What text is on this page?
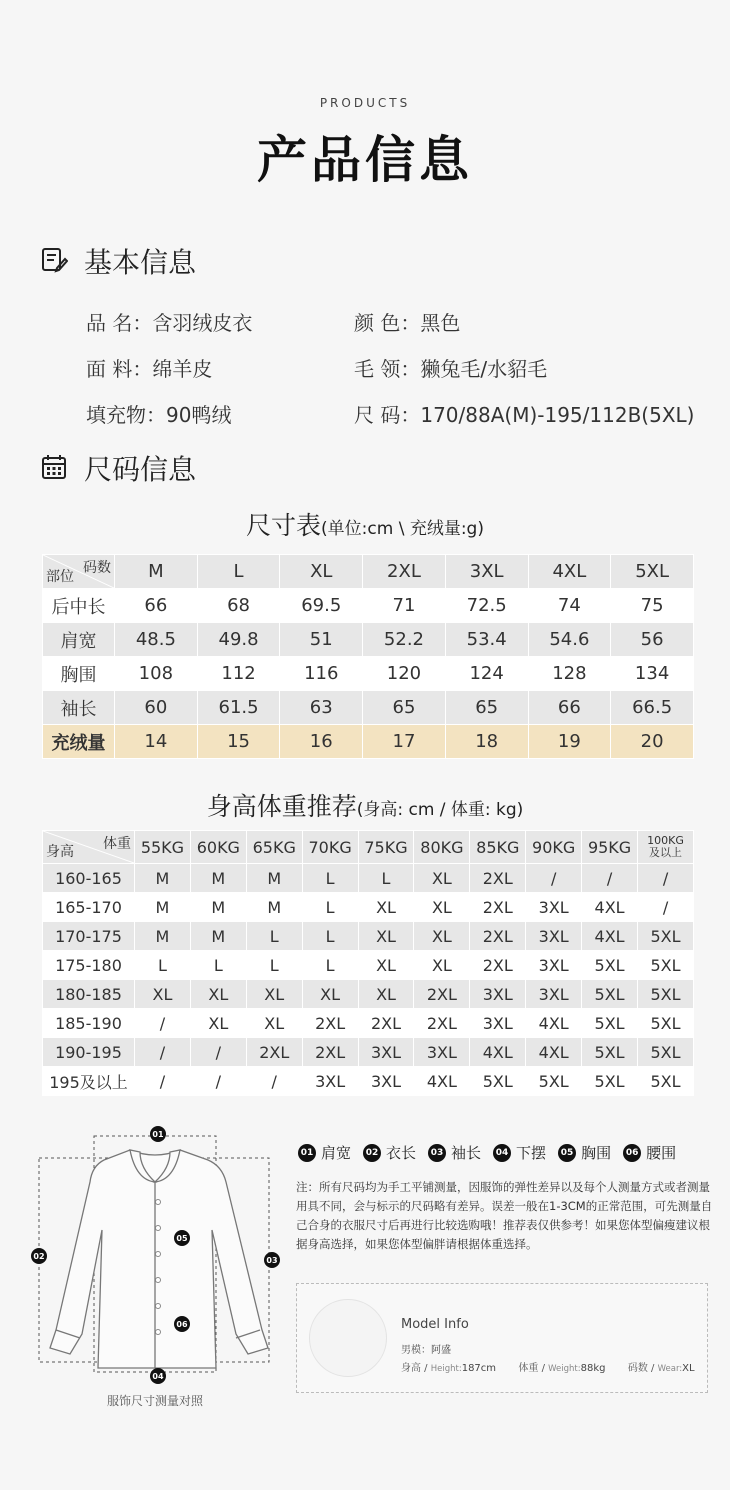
PRODUCTS
产品信息
基本信息
品 名：含羽绒皮衣	颜 色：黑色
面 料：绵羊皮	毛 领：獭兔毛/水貂毛
填充物：90鸭绒	尺 码：170/88A(M)-195/112B(5XL)
尺码信息
尺寸表(单位:cm \ 充绒量:g)
码数
部位	M	L	XL	2XL	3XL	4XL	5XL
后中长	66	68	69.5	71	72.5	74	75
肩宽	48.5	49.8	51	52.2	53.4	54.6	56
胸围	108	112	116	120	124	128	134
袖长	60	61.5	63	65	65	66	66.5
充绒量	14	15	16	17	18	19	20
身高体重推荐(身高: cm / 体重: kg)
体重
身高	55KG	60KG	65KG	70KG	75KG	80KG	85KG	90KG	95KG	100KG
及以上
160-165	M	M	M	L	L	XL	2XL	/	/	/
165-170	M	M	M	L	XL	XL	2XL	3XL	4XL	/
170-175	M	M	L	L	XL	XL	2XL	3XL	4XL	5XL
175-180	L	L	L	L	XL	XL	2XL	3XL	5XL	5XL
180-185	XL	XL	XL	XL	XL	2XL	3XL	3XL	5XL	5XL
185-190	/	XL	XL	2XL	2XL	2XL	3XL	4XL	5XL	5XL
190-195	/	/	2XL	2XL	3XL	3XL	4XL	4XL	5XL	5XL
195及以上	/	/	/	3XL	3XL	4XL	5XL	5XL	5XL	5XL
01 肩宽	02 衣长	03 袖长	04 下摆	05 胸围	06 腰围
注：所有尺码均为手工平铺测量，因服饰的弹性差异以及每个人测量方式或者测量用具不同，会与标示的尺码略有差异。误差一般在1-3CM的正常范围，可先测量自己合身的衣服尺寸后再进行比较选购哦！推荐表仅供参考！如果您体型偏瘦建议根据身高选择，如果您体型偏胖请根据体重选择。
Model Info
男模：阿盛
身高 / Height:187cm 体重 / Weight:88kg 码数 / Wear:XL
01
02	03
04
05
06
服饰尺寸测量对照
